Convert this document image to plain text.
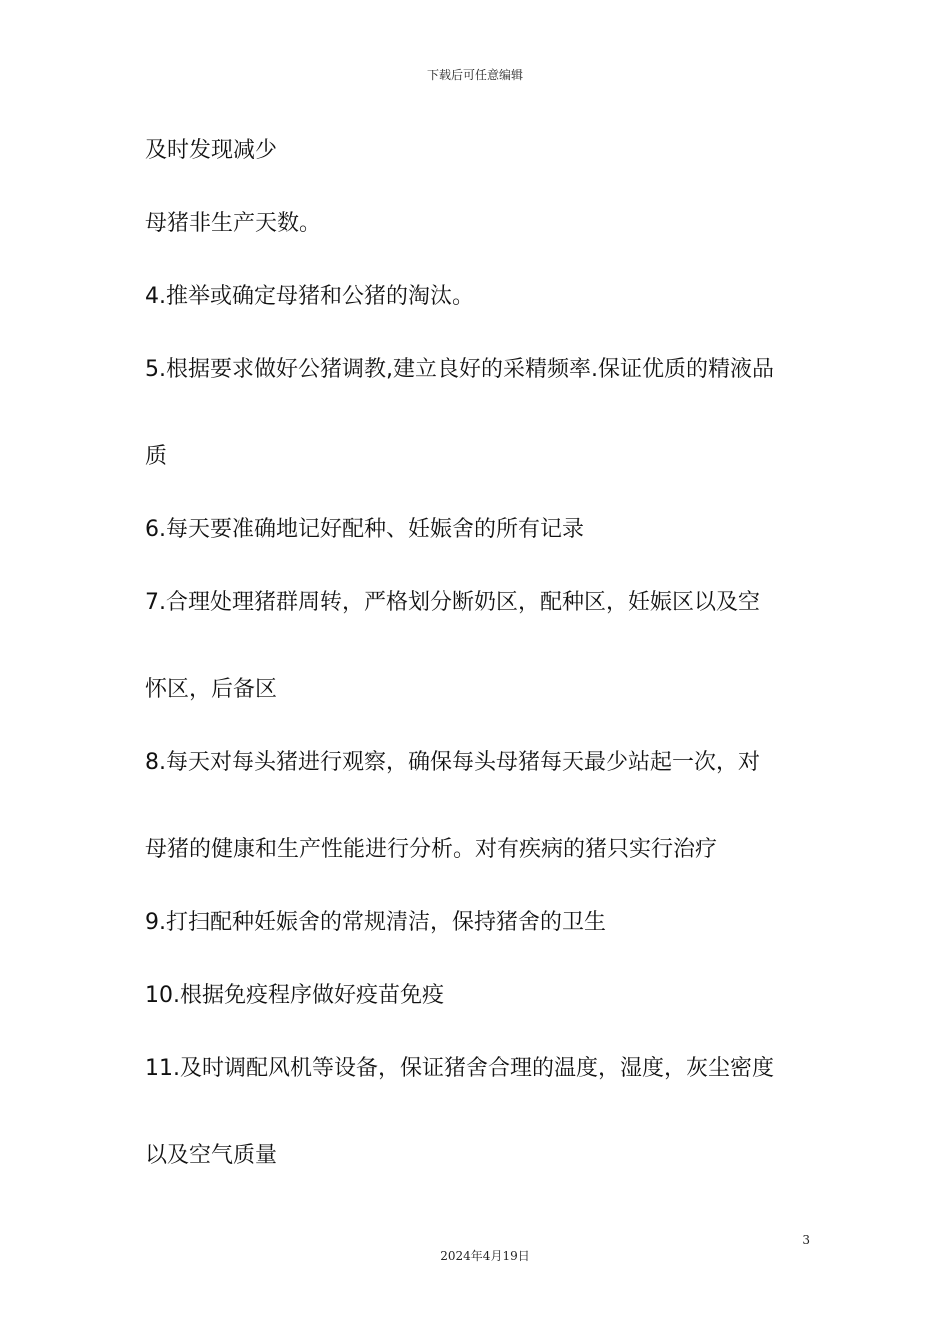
下载后可任意编辑
及时发现减少
母猪非生产天数。
4.推举或确定母猪和公猪的淘汰。
5.根据要求做好公猪调教,建立良好的采精频率.保证优质的精液品
质
6.每天要准确地记好配种、妊娠舍的所有记录
7.合理处理猪群周转，严格划分断奶区，配种区，妊娠区以及空
怀区，后备区
8.每天对每头猪进行观察，确保每头母猪每天最少站起一次，对
母猪的健康和生产性能进行分析。对有疾病的猪只实行治疗
9.打扫配种妊娠舍的常规清洁，保持猪舍的卫生
10.根据免疫程序做好疫苗免疫
11.及时调配风机等设备，保证猪舍合理的温度，湿度，灰尘密度
以及空气质量
3
2024年4月19日
